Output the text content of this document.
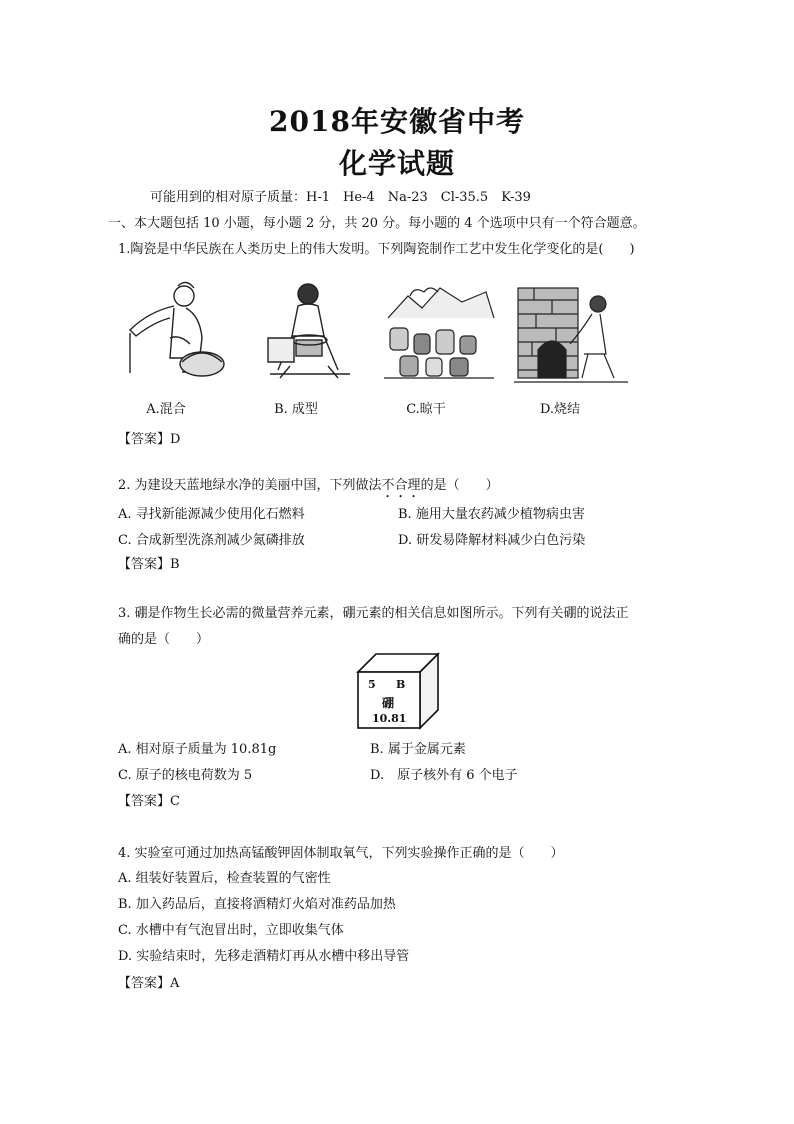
2018年安徽省中考
化学试题
可能用到的相对原子质量：H-1　He-4　Na-23　Cl-35.5　K-39
一、本大题包括 10 小题，每小题 2 分，共 20 分。每小题的 4 个选项中只有一个符合题意。
1.陶瓷是中华民族在人类历史上的伟大发明。下列陶瓷制作工艺中发生化学变化的是(　　)
A.混合	B. 成型	C.晾干	D.烧结
【答案】D
2. 为建设天蓝地绿水净的美丽中国，下列做法不合理的是（　　）
A. 寻找新能源减少使用化石燃料	B. 施用大量农药减少植物病虫害
C. 合成新型洗涤剂减少氮磷排放	D. 研发易降解材料减少白色污染
【答案】B
3. 硼是作物生长必需的微量营养元素，硼元素的相关信息如图所示。下列有关硼的说法正
确的是（　　）
5 B
硼
10.81
A. 相对原子质量为 10.81g	B. 属于金属元素
C. 原子的核电荷数为 5	D.　原子核外有 6 个电子
【答案】C
4. 实验室可通过加热高锰酸钾固体制取氧气，下列实验操作正确的是（　　）
A. 组装好装置后，检查装置的气密性
B. 加入药品后，直接将酒精灯火焰对准药品加热
C. 水槽中有气泡冒出时，立即收集气体
D. 实验结束时，先移走酒精灯再从水槽中移出导管
【答案】A
